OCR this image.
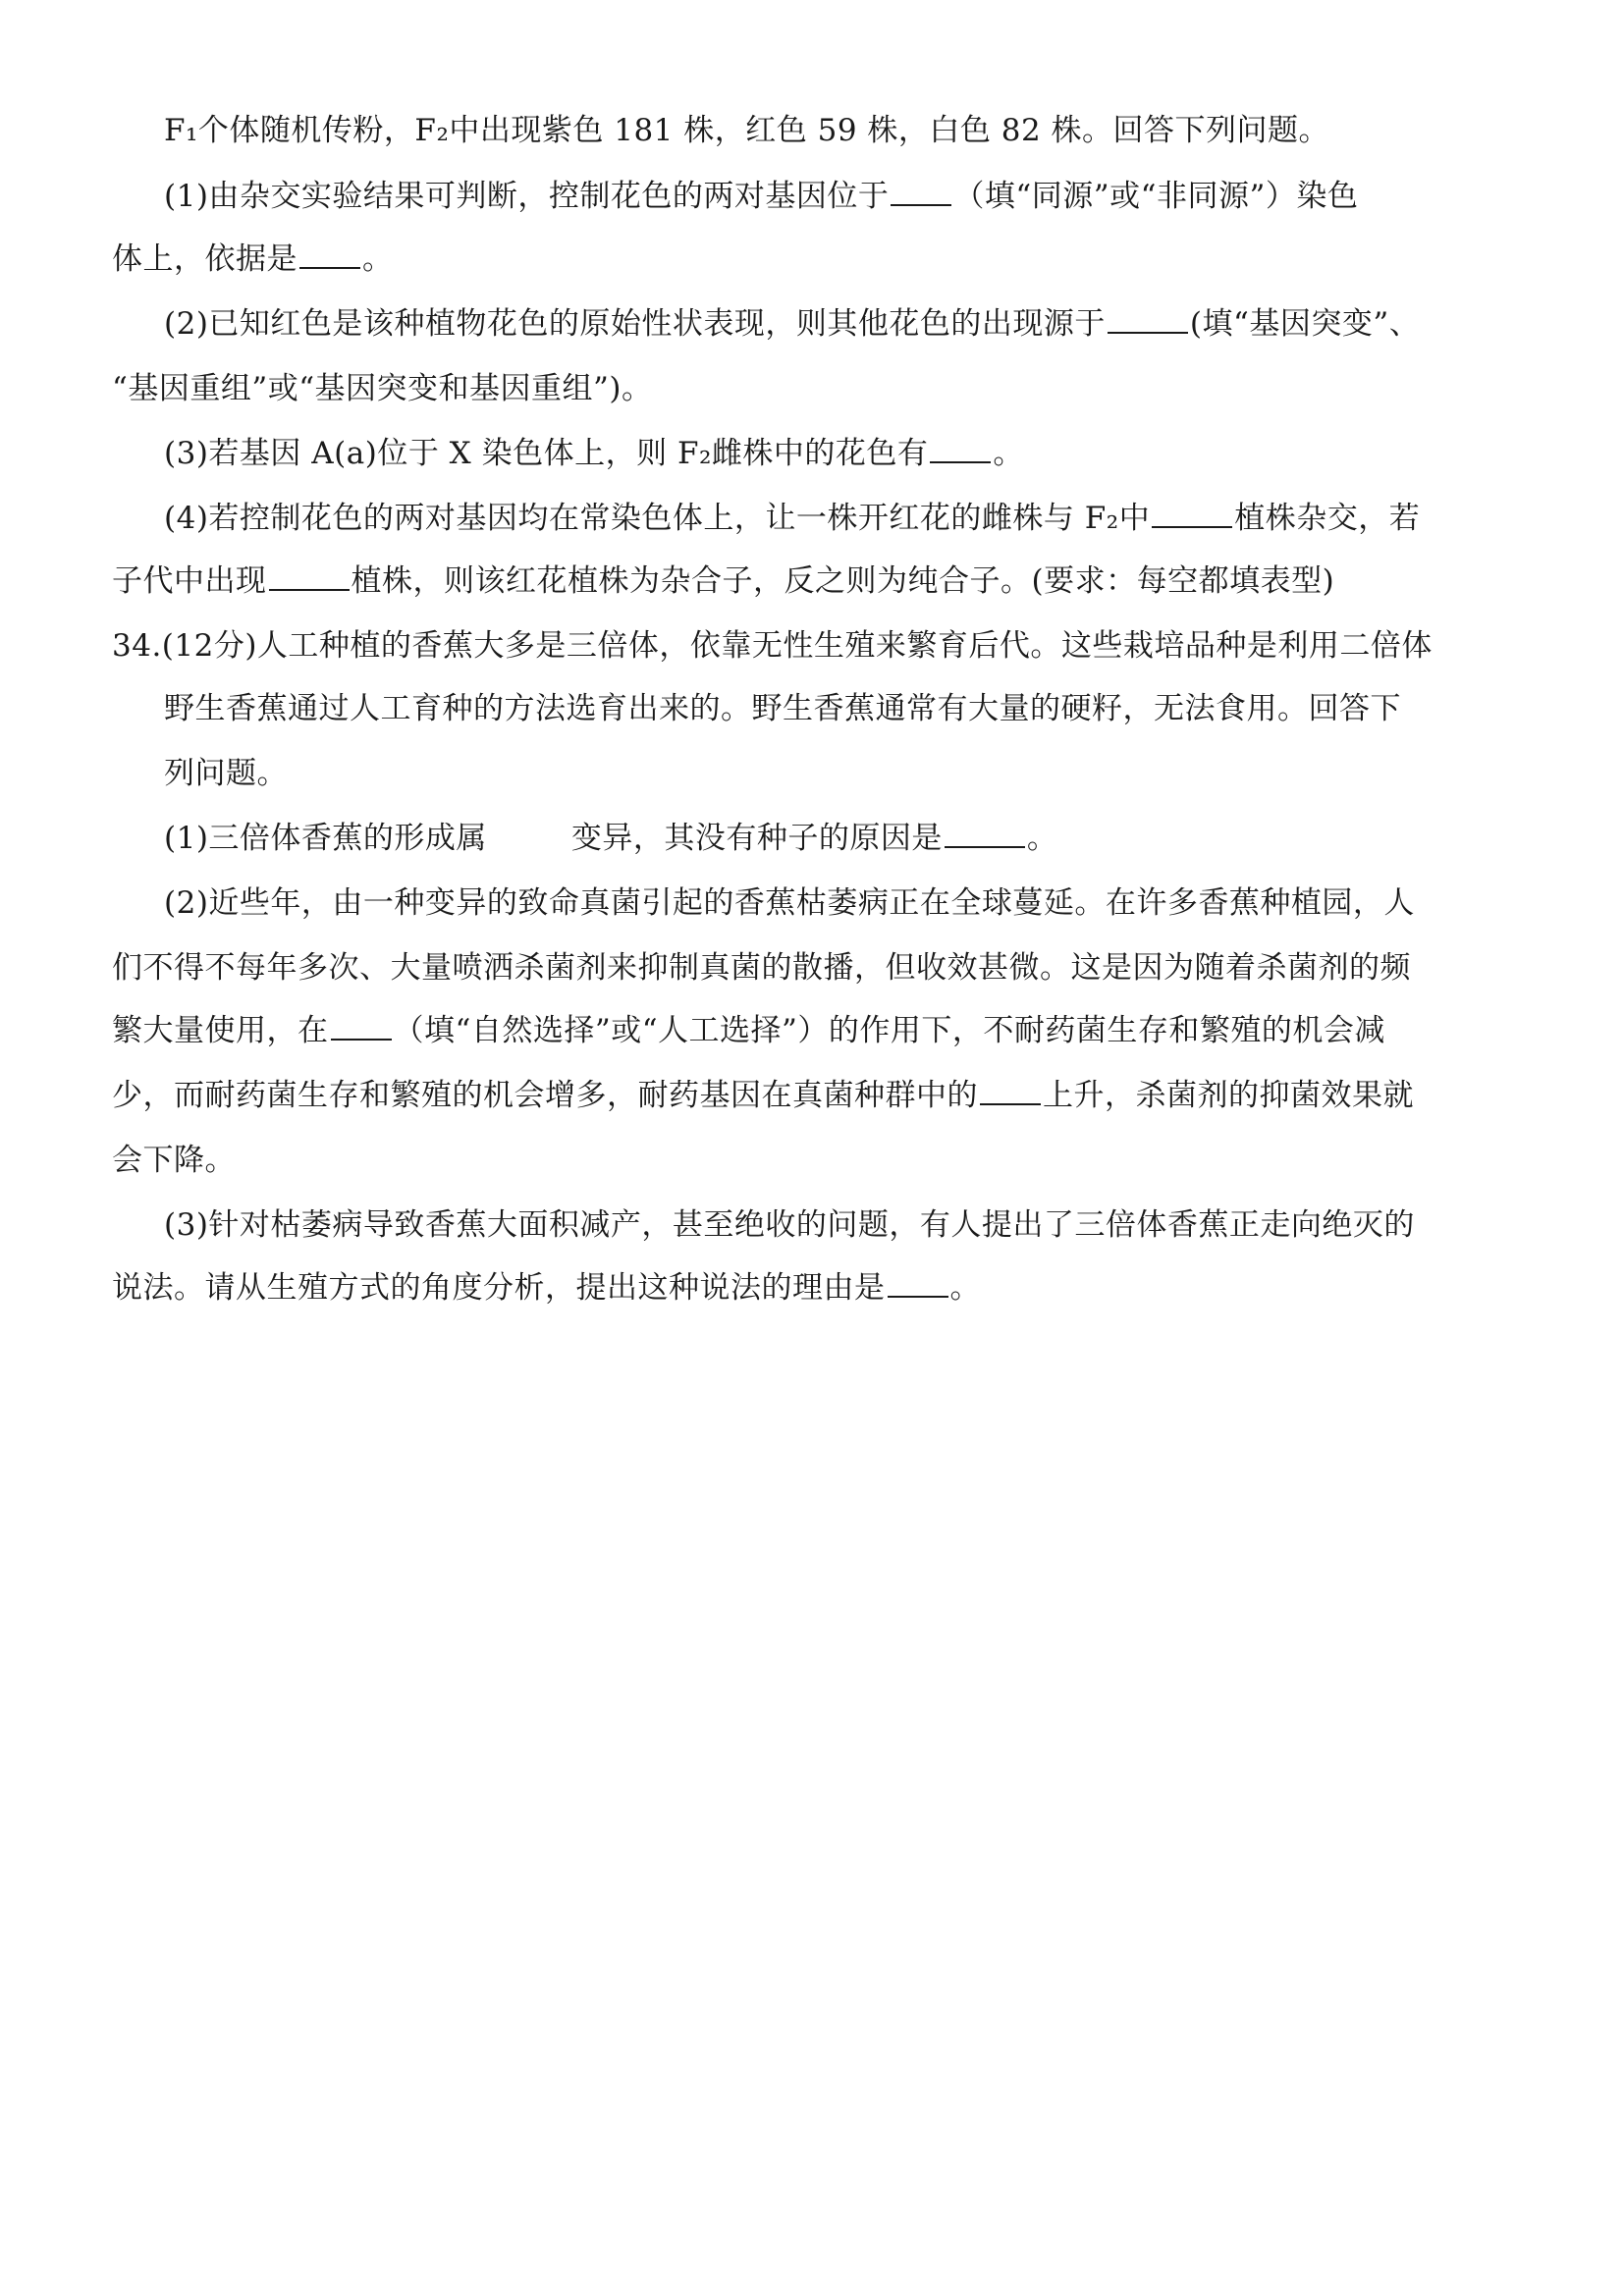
F₁个体随机传粉，F₂中出现紫色 181 株，红色 59 株，白色 82 株。回答下列问题。
(1)由杂交实验结果可判断，控制花色的两对基因位于 （填“同源”或“非同源”）染色
体上，依据是 。
(2)已知红色是该种植物花色的原始性状表现，则其他花色的出现源于	(填“基因突变”、
“基因重组”或“基因突变和基因重组”)。
(3)若基因 A(a)位于 X 染色体上，则 F₂雌株中的花色有 。
(4)若控制花色的两对基因均在常染色体上，让一株开红花的雌株与 F₂中	植株杂交，若
子代中出现	植株，则该红花植株为杂合子，反之则为纯合子。(要求：每空都填表型)
34.(12分)人工种植的香蕉大多是三倍体，依靠无性生殖来繁育后代。这些栽培品种是利用二倍体
野生香蕉通过人工育种的方法选育出来的。野生香蕉通常有大量的硬籽，无法食用。回答下
列问题。
(1)三倍体香蕉的形成属	变异，其没有种子的原因是	。
(2)近些年，由一种变异的致命真菌引起的香蕉枯萎病正在全球蔓延。在许多香蕉种植园，人
们不得不每年多次、大量喷洒杀菌剂来抑制真菌的散播，但收效甚微。这是因为随着杀菌剂的频
繁大量使用，在 （填“自然选择”或“人工选择”）的作用下，不耐药菌生存和繁殖的机会减
少，而耐药菌生存和繁殖的机会增多，耐药基因在真菌种群中的 上升，杀菌剂的抑菌效果就
会下降。
(3)针对枯萎病导致香蕉大面积减产，甚至绝收的问题，有人提出了三倍体香蕉正走向绝灭的
说法。请从生殖方式的角度分析，提出这种说法的理由是 。
